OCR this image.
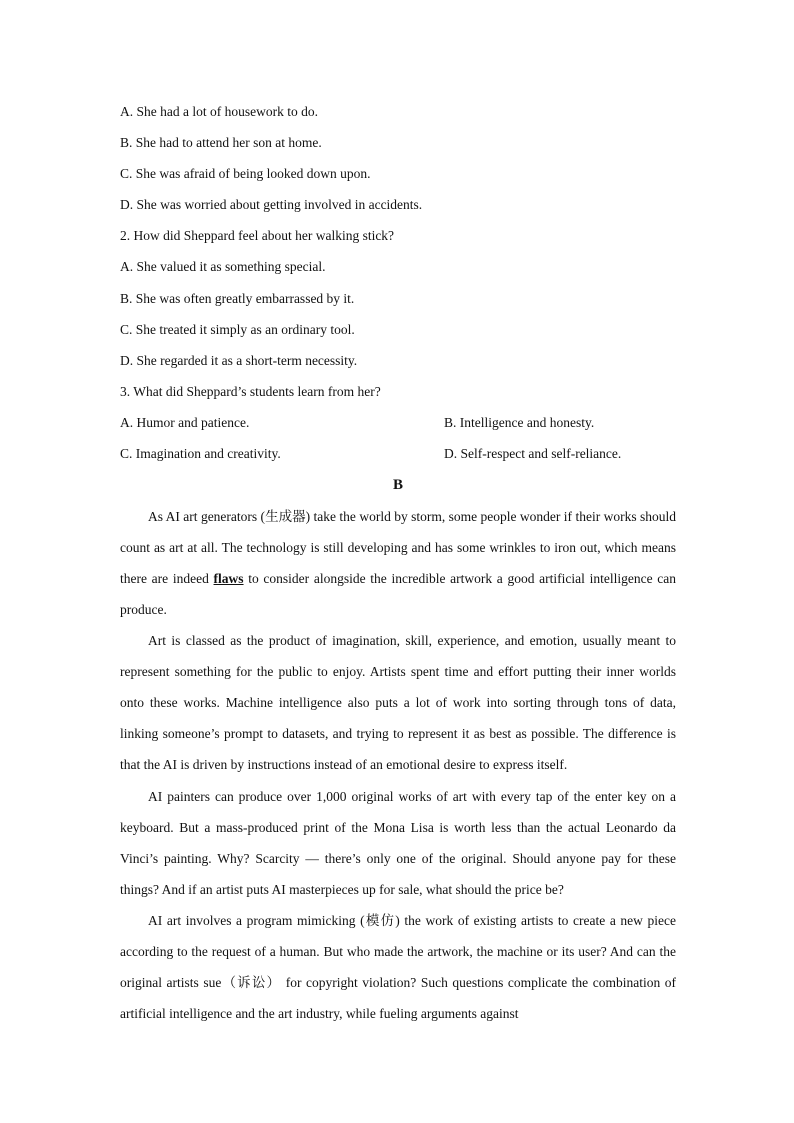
A. She had a lot of housework to do.
B. She had to attend her son at home.
C. She was afraid of being looked down upon.
D. She was worried about getting involved in accidents.
2. How did Sheppard feel about her walking stick?
A. She valued it as something special.
B. She was often greatly embarrassed by it.
C. She treated it simply as an ordinary tool.
D. She regarded it as a short-term necessity.
3. What did Sheppard’s students learn from her?
A. Humor and patience.	B. Intelligence and honesty.
C. Imagination and creativity.	D. Self-respect and self-reliance.
B

As AI art generators (生成器) take the world by storm, some people wonder if their works should count as art at all. The technology is still developing and has some wrinkles to iron out, which means there are indeed flaws to consider alongside the incredible artwork a good artificial intelligence can produce.

Art is classed as the product of imagination, skill, experience, and emotion, usually meant to represent something for the public to enjoy. Artists spent time and effort putting their inner worlds onto these works. Machine intelligence also puts a lot of work into sorting through tons of data, linking someone’s prompt to datasets, and trying to represent it as best as possible. The difference is that the AI is driven by instructions instead of an emotional desire to express itself.

AI painters can produce over 1,000 original works of art with every tap of the enter key on a keyboard. But a mass-produced print of the Mona Lisa is worth less than the actual Leonardo da Vinci’s painting. Why? Scarcity — there’s only one of the original. Should anyone pay for these things? And if an artist puts AI masterpieces up for sale, what should the price be?

AI art involves a program mimicking (模仿) the work of existing artists to create a new piece according to the request of a human. But who made the artwork, the machine or its user? And can the original artists sue（诉讼） for copyright violation? Such questions complicate the combination of artificial intelligence and the art industry, while fueling arguments against
